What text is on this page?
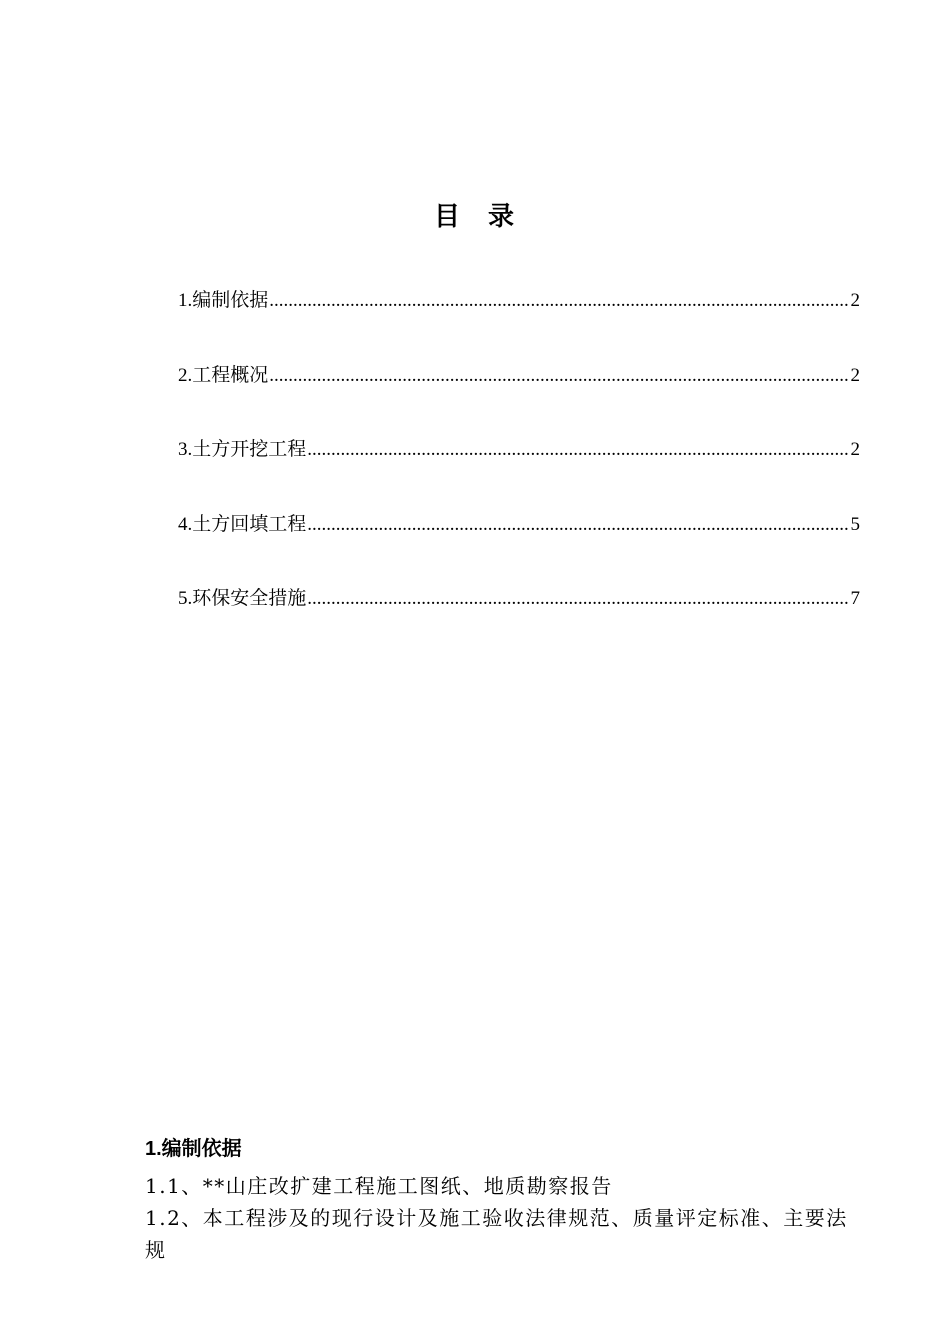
目 录
1. 编制依据 .....	2
2. 工程概况 .....	2
3. 土方开挖工程 .....	2
4. 土方回填工程 .....	5
5. 环保安全措施 .....	7
1.编制依据

1.1、**山庄改扩建工程施工图纸、地质勘察报告

1.2、本工程涉及的现行设计及施工验收法律规范、质量评定标准、主要法规
